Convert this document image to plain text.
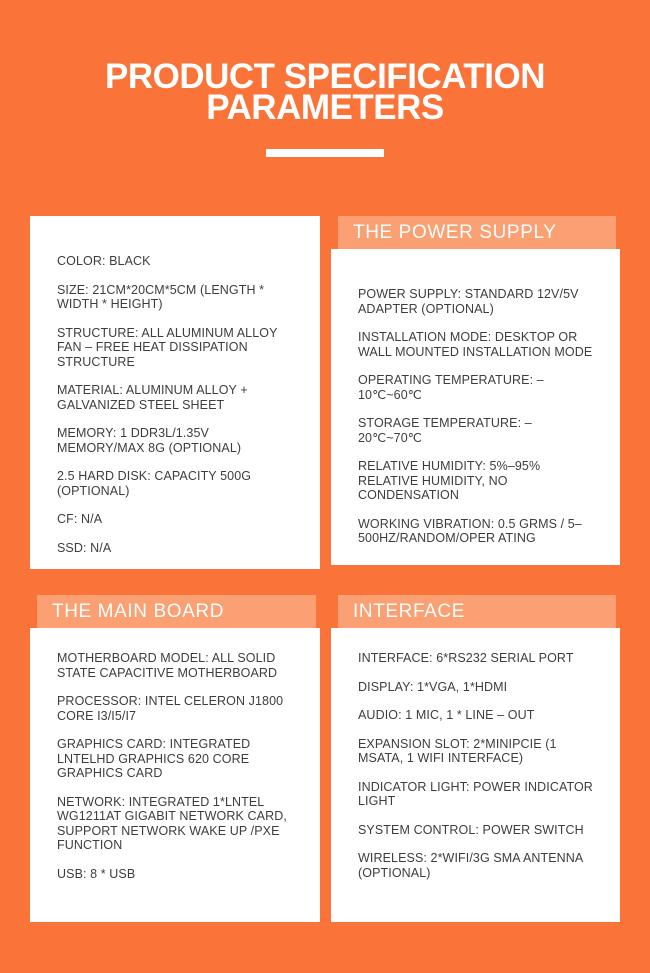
PRODUCT SPECIFICATION
PARAMETERS

COLOR: BLACK

SIZE: 21CM*20CM*5CM (LENGTH * WIDTH * HEIGHT)

STRUCTURE: ALL ALUMINUM ALLOY FAN – FREE HEAT DISSIPATION STRUCTURE

MATERIAL: ALUMINUM ALLOY + GALVANIZED STEEL SHEET

MEMORY: 1 DDR3L/1.35V MEMORY/MAX 8G (OPTIONAL)

2.5 HARD DISK: CAPACITY 500G (OPTIONAL)

CF: N/A

SSD: N/A

THE POWER SUPPLY

POWER SUPPLY: STANDARD 12V/5V ADAPTER (OPTIONAL)

INSTALLATION MODE: DESKTOP OR WALL MOUNTED INSTALLATION MODE

OPERATING TEMPERATURE: –10℃~60℃

STORAGE TEMPERATURE: –20℃~70℃

RELATIVE HUMIDITY: 5%–95% RELATIVE HUMIDITY, NO CONDENSATION

WORKING VIBRATION: 0.5 GRMS / 5–500HZ/RANDOM/OPER ATING

THE MAIN BOARD

MOTHERBOARD MODEL: ALL SOLID STATE CAPACITIVE MOTHERBOARD

PROCESSOR: INTEL CELERON J1800 CORE I3/I5/I7

GRAPHICS CARD: INTEGRATED LNTELHD GRAPHICS 620 CORE GRAPHICS CARD

NETWORK: INTEGRATED 1*LNTEL WG1211AT GIGABIT NETWORK CARD, SUPPORT NETWORK WAKE UP /PXE FUNCTION

USB: 8 * USB

INTERFACE

INTERFACE: 6*RS232 SERIAL PORT

DISPLAY: 1*VGA, 1*HDMI

AUDIO: 1 MIC, 1 * LINE – OUT

EXPANSION SLOT: 2*MINIPCIE (1 MSATA, 1 WIFI INTERFACE)

INDICATOR LIGHT: POWER INDICATOR LIGHT

SYSTEM CONTROL: POWER SWITCH

WIRELESS: 2*WIFI/3G SMA ANTENNA (OPTIONAL)
